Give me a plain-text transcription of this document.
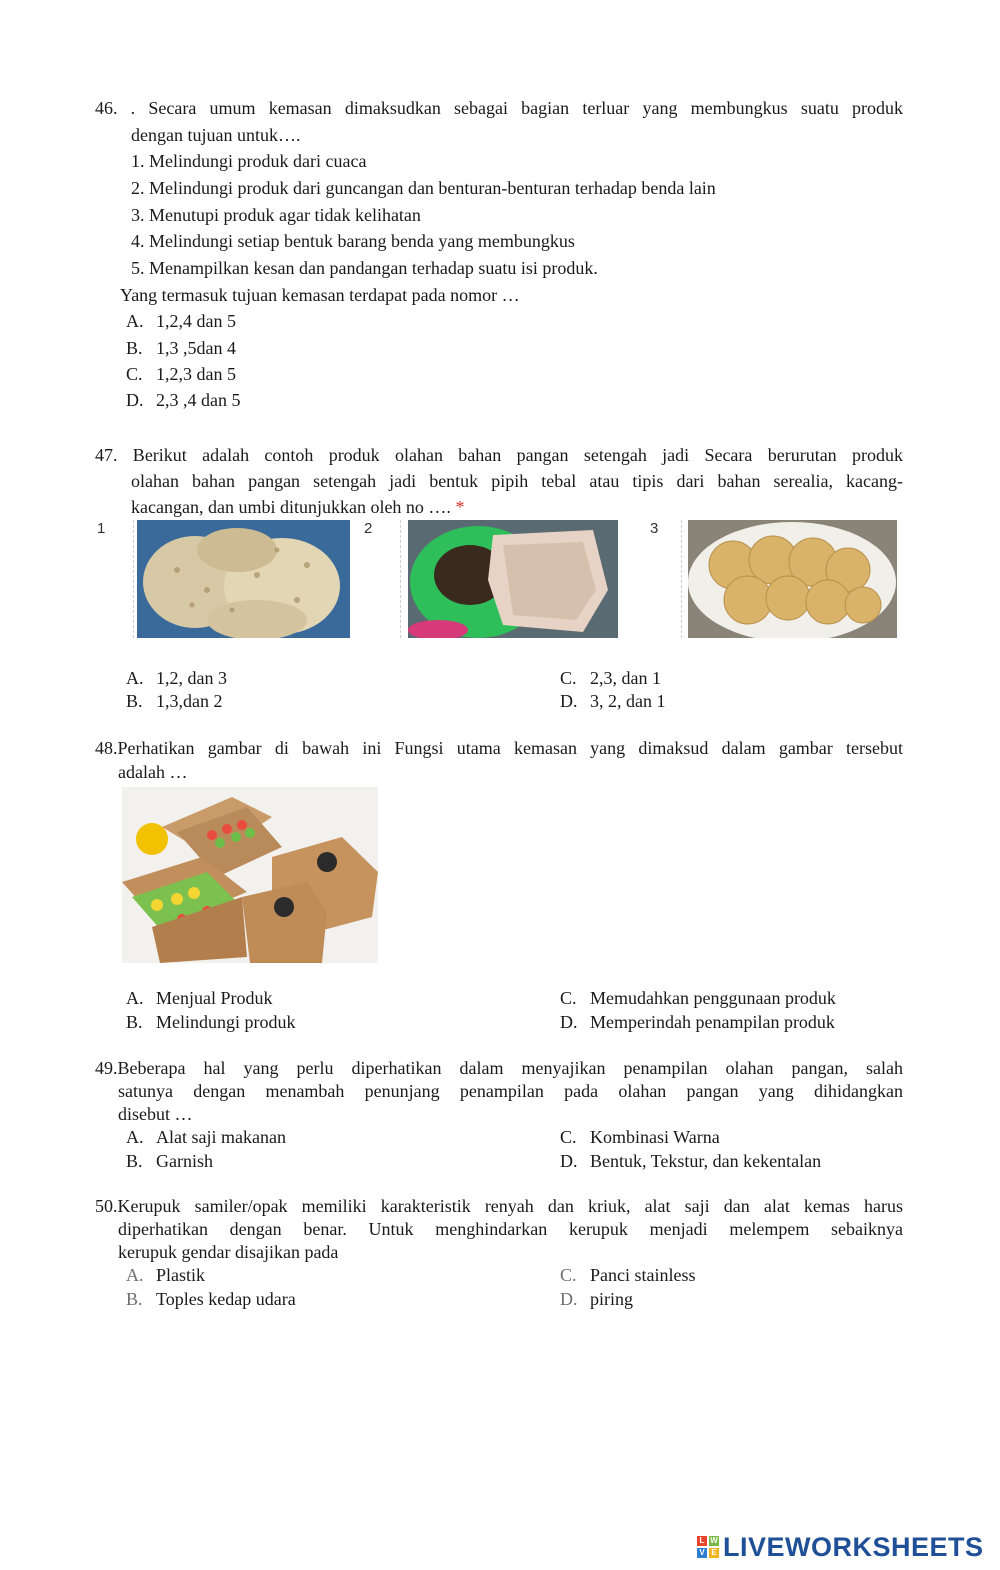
46. . Secara umum kemasan dimaksudkan sebagai bagian terluar yang membungkus suatu produk
dengan tujuan untuk….
1. Melindungi produk dari cuaca
2. Melindungi produk dari guncangan dan benturan-benturan terhadap benda lain
3. Menutupi produk agar tidak kelihatan
4. Melindungi setiap bentuk barang benda yang membungkus
5. Menampilkan kesan dan pandangan terhadap suatu isi produk.
Yang termasuk tujuan kemasan terdapat pada nomor …
A. 1,2,4 dan 5
B. 1,3 ,5dan 4
C. 1,2,3 dan 5
D. 2,3 ,4 dan 5
47. Berikut adalah contoh produk olahan bahan pangan setengah jadi Secara berurutan produk
olahan bahan pangan setengah jadi bentuk pipih tebal atau tipis dari bahan serealia, kacang-
kacangan, dan umbi ditunjukkan oleh no …. *
1	2	3
A. 1,2, dan 3
B. 1,3,dan 2
C. 2,3, dan 1
D. 3, 2, dan 1
48.Perhatikan gambar di bawah ini Fungsi utama kemasan yang dimaksud dalam gambar tersebut
adalah …
A. Menjual Produk
B. Melindungi produk
C. Memudahkan penggunaan produk
D. Memperindah penampilan produk
49.Beberapa hal yang perlu diperhatikan dalam menyajikan penampilan olahan pangan, salah
satunya dengan menambah penunjang penampilan pada olahan pangan yang dihidangkan
disebut …
A. Alat saji makanan
B. Garnish
C. Kombinasi Warna
D. Bentuk, Tekstur, dan kekentalan
50.Kerupuk samiler/opak memiliki karakteristik renyah dan kriuk, alat saji dan alat kemas harus
diperhatikan dengan benar. Untuk menghindarkan kerupuk menjadi melempem sebaiknya
kerupuk gendar disajikan pada
A. Plastik
B. Toples kedap udara
C. Panci stainless
D. piring
L W
V E LIVEWORKSHEETS
